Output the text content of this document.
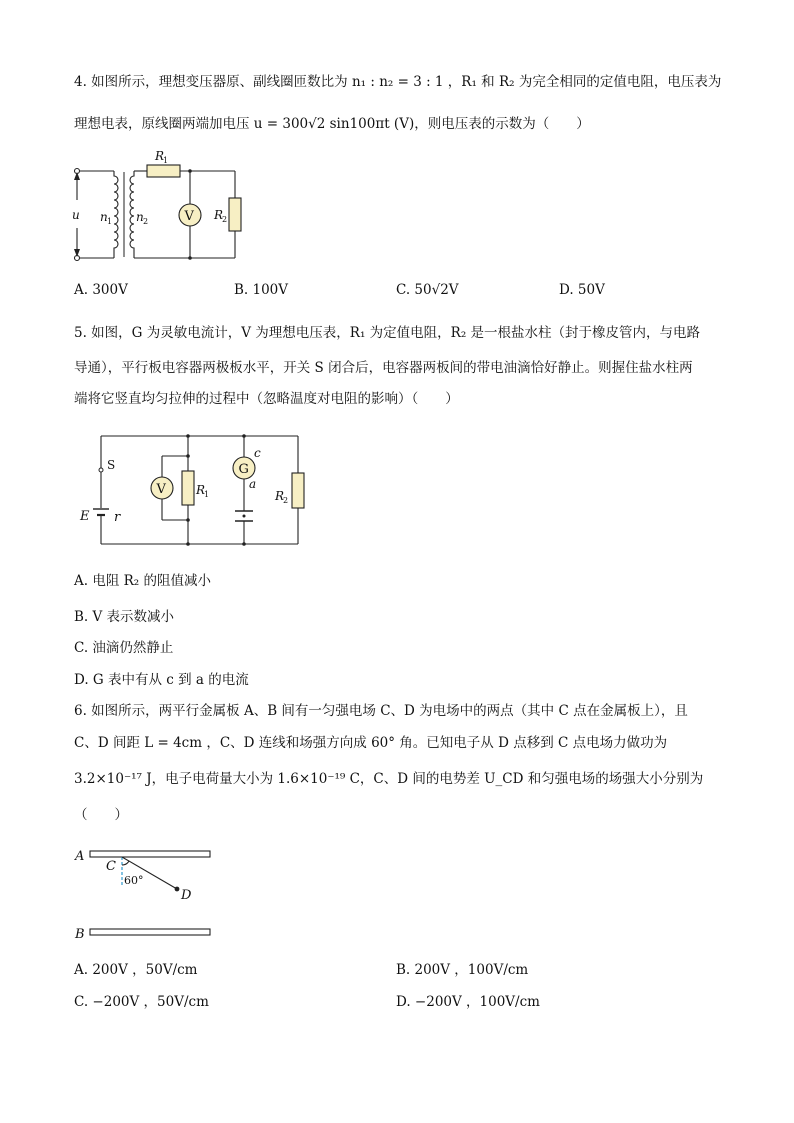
4. 如图所示，理想变压器原、副线圈匝数比为 n₁ : n₂ = 3 : 1 ，R₁ 和 R₂ 为完全相同的定值电阻，电压表为
理想电表，原线圈两端加电压 u = 300√2 sin100πt (V)，则电压表的示数为（　　）
u n 1 n 2
R
1
V R
2
A. 300V	B. 100V	C. 50√2V	D. 50V
5. 如图，G 为灵敏电流计，V 为理想电压表，R₁ 为定值电阻，R₂ 是一根盐水柱（封于橡皮管内，与电路
导通），平行板电容器两极板水平，开关 S 闭合后，电容器两板间的带电油滴恰好静止。则握住盐水柱两
端将它竖直均匀拉伸的过程中（忽略温度对电阻的影响）（　　）
S
E r
R
1
V
G
c
a
R
2
A. 电阻 R₂ 的阻值减小
B. V 表示数减小
C. 油滴仍然静止
D. G 表中有从 c 到 a 的电流
6. 如图所示，两平行金属板 A、B 间有一匀强电场 C、D 为电场中的两点（其中 C 点在金属板上），且
C、D 间距 L = 4cm ，C、D 连线和场强方向成 60° 角。已知电子从 D 点移到 C 点电场力做功为
3.2×10⁻¹⁷ J，电子电荷量大小为 1.6×10⁻¹⁹ C，C、D 间的电势差 U_CD 和匀强电场的场强大小分别为
（　　）
A
B
C
60°
D
A. 200V ，50V/cm	B. 200V ，100V/cm
C. −200V ，50V/cm	D. −200V ，100V/cm
